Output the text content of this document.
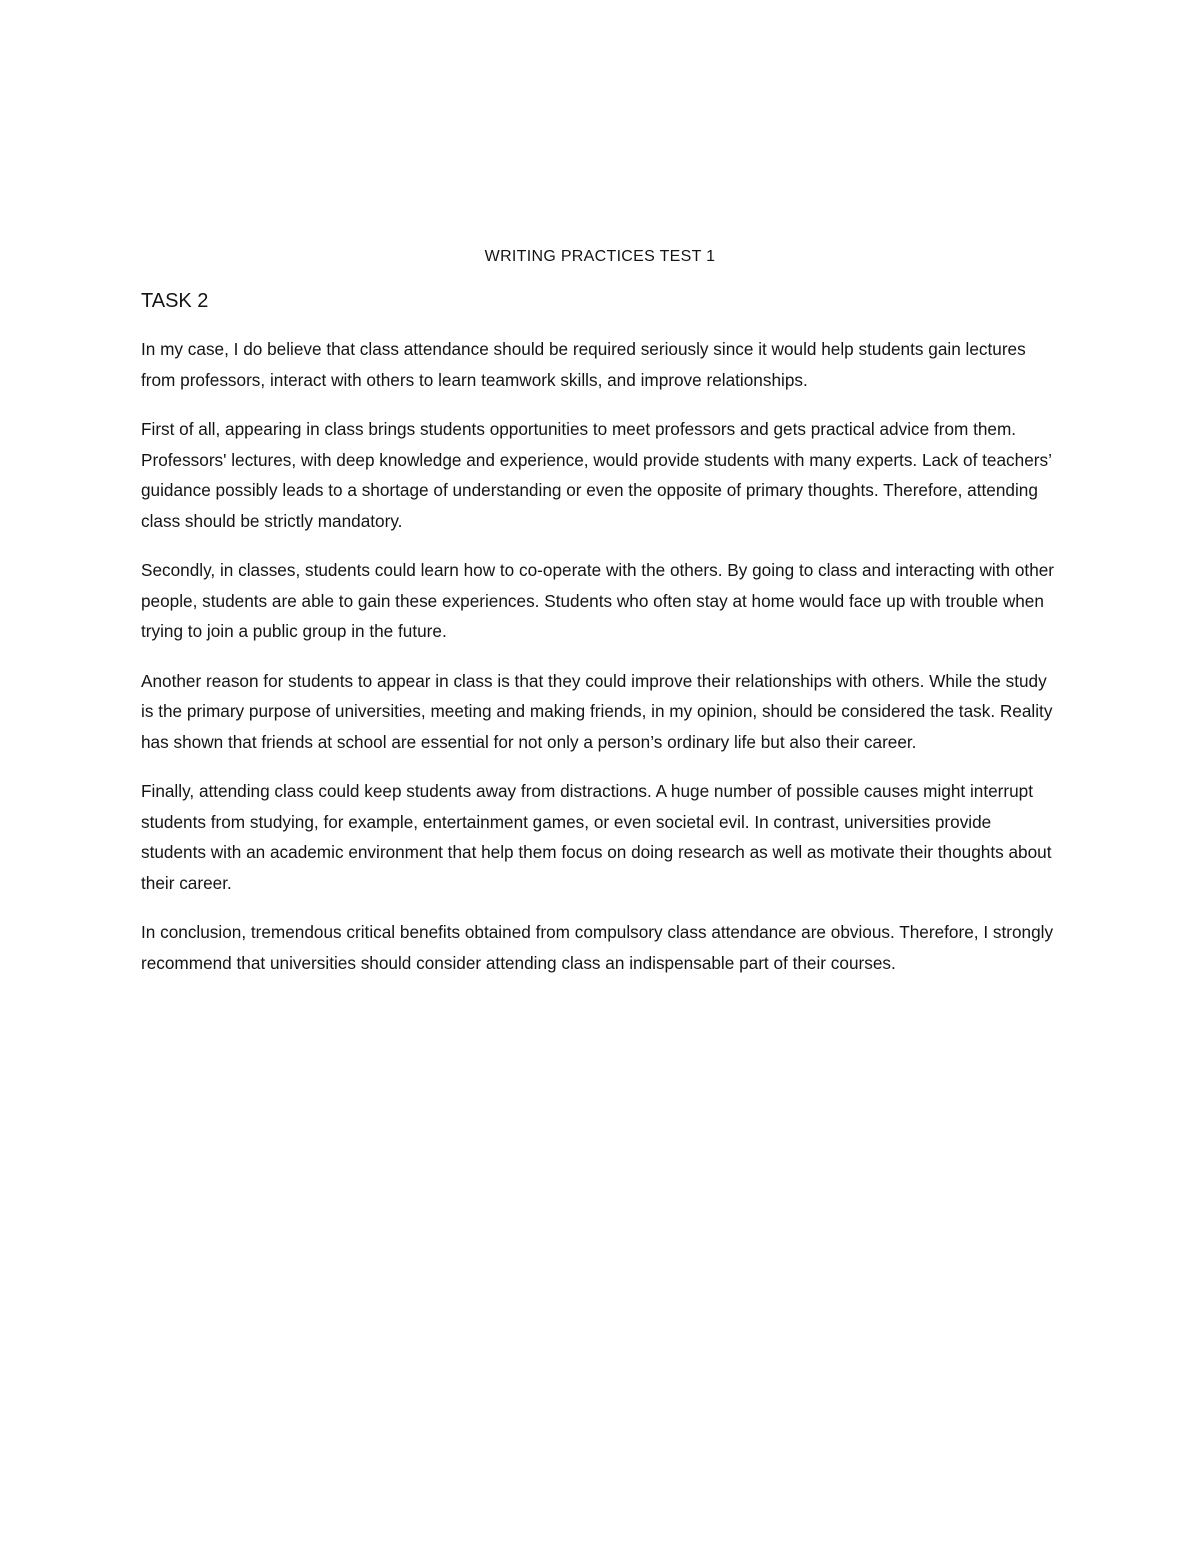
WRITING PRACTICES TEST 1
TASK 2

In my case, I do believe that class attendance should be required seriously since it would help students gain lectures from professors, interact with others to learn teamwork skills, and improve relationships.

First of all, appearing in class brings students opportunities to meet professors and gets practical advice from them. Professors' lectures, with deep knowledge and experience, would provide students with many experts. Lack of teachers’ guidance possibly leads to a shortage of understanding or even the opposite of primary thoughts. Therefore, attending class should be strictly mandatory.

Secondly, in classes, students could learn how to co-operate with the others. By going to class and interacting with other people, students are able to gain these experiences. Students who often stay at home would face up with trouble when trying to join a public group in the future.

Another reason for students to appear in class is that they could improve their relationships with others. While the study is the primary purpose of universities, meeting and making friends, in my opinion, should be considered the task. Reality has shown that friends at school are essential for not only a person’s ordinary life but also their career.

Finally, attending class could keep students away from distractions. A huge number of possible causes might interrupt students from studying, for example, entertainment games, or even societal evil. In contrast, universities provide students with an academic environment that help them focus on doing research as well as motivate their thoughts about their career.

In conclusion, tremendous critical benefits obtained from compulsory class attendance are obvious. Therefore, I strongly recommend that universities should consider attending class an indispensable part of their courses.
